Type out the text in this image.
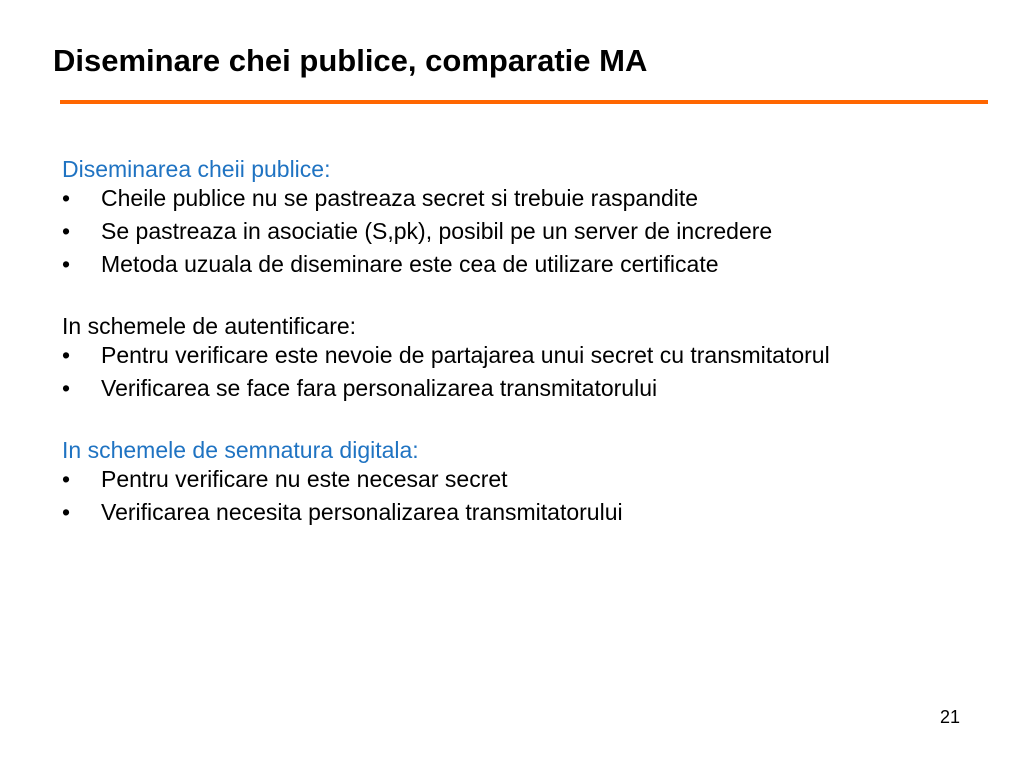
Diseminare chei publice, comparatie MA

Diseminarea cheii publice:

•	Cheile publice nu se pastreaza secret si trebuie raspandite
•	Se pastreaza in asociatie (S,pk), posibil pe un server de incredere
•	Metoda uzuala de diseminare este cea de utilizare certificate

In schemele de autentificare:

•	Pentru verificare este nevoie de partajarea unui secret cu transmitatorul
•	Verificarea se face fara personalizarea transmitatorului

In schemele de semnatura digitala:

•	Pentru verificare nu este necesar secret
•	Verificarea necesita personalizarea transmitatorului
21
